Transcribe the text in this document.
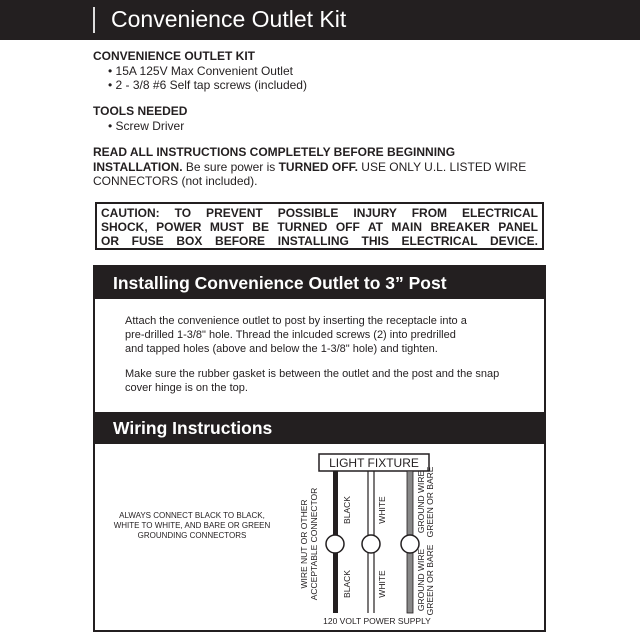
Convenience Outlet Kit
CONVENIENCE OUTLET KIT
• 15A 125V Max Convenient Outlet
• 2 - 3/8 #6 Self tap screws (included)
TOOLS NEEDED
• Screw Driver
READ ALL INSTRUCTIONS COMPLETELY BEFORE BEGINNING
INSTALLATION. Be sure power is TURNED OFF. USE ONLY U.L. LISTED WIRE
CONNECTORS (not included).
CAUTION: TO PREVENT POSSIBLE INJURY FROM ELECTRICAL
SHOCK, POWER MUST BE TURNED OFF AT MAIN BREAKER PANEL
OR FUSE BOX BEFORE INSTALLING THIS ELECTRICAL DEVICE.
Installing Convenience Outlet to 3” Post
Attach the convenience outlet to post by inserting the receptacle into a
pre-drilled 1-3/8" hole. Thread the inlcuded screws (2) into predrilled
and tapped holes (above and below the 1-3/8" hole) and tighten.
Make sure the rubber gasket is between the outlet and the post and the snap
cover hinge is on the top.
Wiring Instructions
ALWAYS CONNECT BLACK TO BLACK,
WHITE TO WHITE, AND BARE OR GREEN
GROUNDING CONNECTORS
LIGHT FIXTURE
WIRE NUT OR OTHER ACCEPTABLE CONNECTOR	BLACK
BLACK
WHITE
WHITE
GROUND WIRE GREEN OR BARE
GROUND WIRE GREEN OR BARE
120 VOLT POWER SUPPLY
